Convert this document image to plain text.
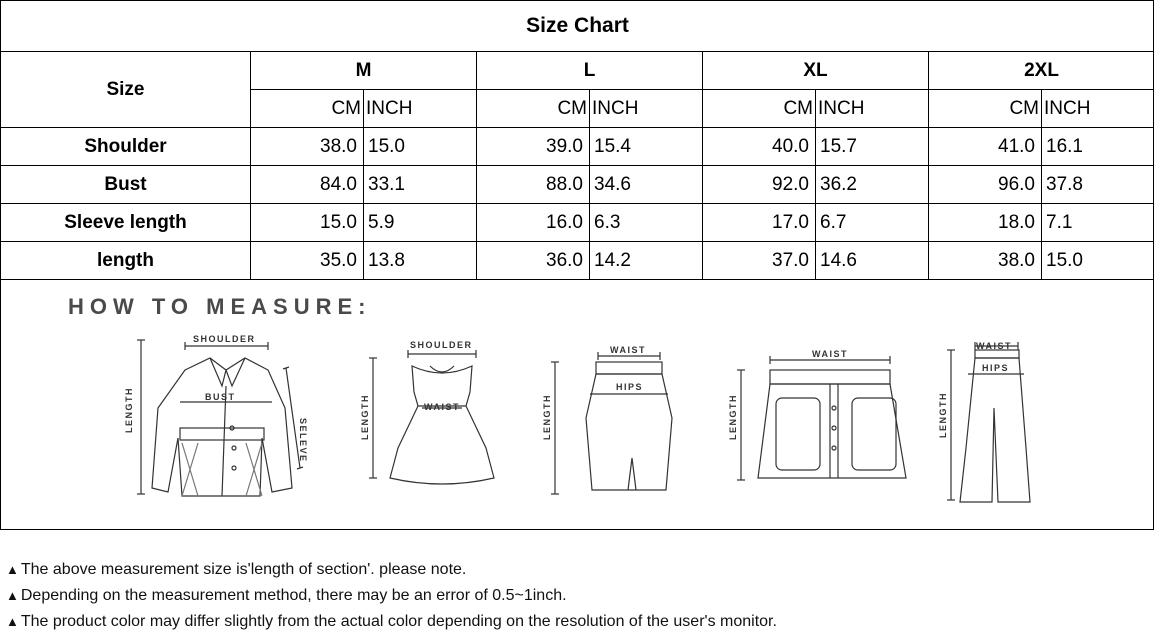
Size Chart								
Size	M		L		XL		2XL	
	CM	INCH	CM	INCH	CM	INCH	CM	INCH
Shoulder	38.0	15.0	39.0	15.4	40.0	15.7	41.0	16.1
Bust	84.0	33.1	88.0	34.6	92.0	36.2	96.0	37.8
Sleeve length	15.0	5.9	16.0	6.3	17.0	6.7	18.0	7.1
length	35.0	13.8	36.0	14.2	37.0	14.6	38.0	15.0
HOW TO MEASURE:
SHOULDER
BUST
LENGTH
SELEVE
SHOULDER
WAIST
LENGTH
WAIST
HIPS
LENGTH
WAIST
LENGTH
WAIST
HIPS
LENGTH
▲ The above measurement size is'length of section'. please note.
▲ Depending on the measurement method, there may be an error of 0.5~1inch.
▲ The product color may differ slightly from the actual color depending on the resolution of the user's monitor.
